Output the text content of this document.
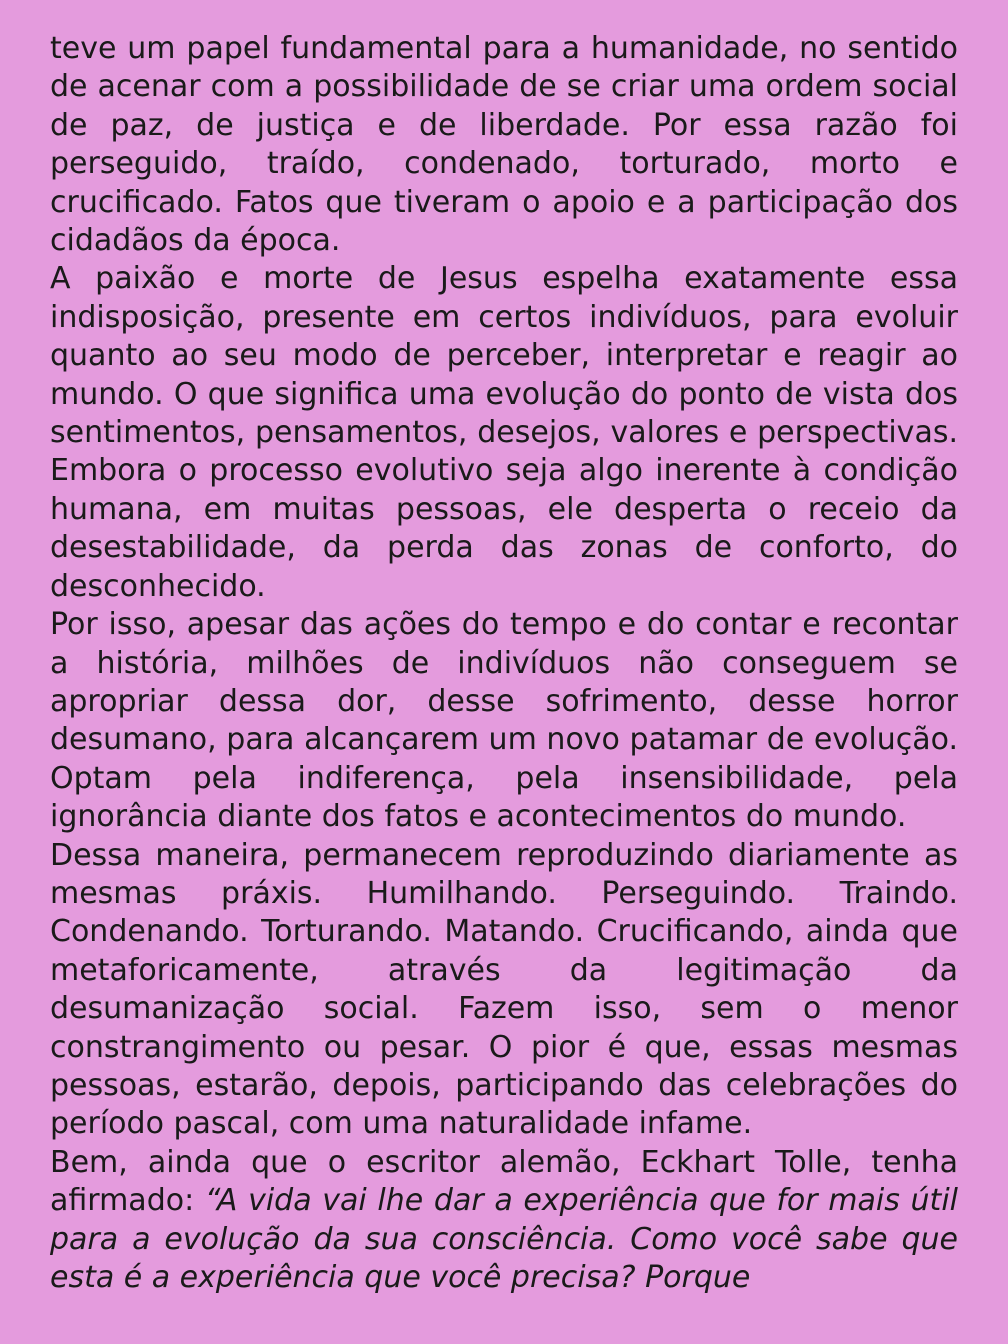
teve um papel fundamental para a humanidade, no sentido de acenar com a possibilidade de se criar uma ordem social de paz, de justiça e de liberdade. Por essa razão foi perseguido, traído, condenado, torturado, morto e crucificado. Fatos que tiveram o apoio e a participação dos cidadãos da época.

A paixão e morte de Jesus espelha exatamente essa indisposição, presente em certos indivíduos, para evoluir quanto ao seu modo de perceber, interpretar e reagir ao mundo. O que significa uma evolução do ponto de vista dos sentimentos, pensamentos, desejos, valores e perspectivas. Embora o processo evolutivo seja algo inerente à condição humana, em muitas pessoas, ele desperta o receio da desestabilidade, da perda das zonas de conforto, do desconhecido.

Por isso, apesar das ações do tempo e do contar e recontar a história, milhões de indivíduos não conseguem se apropriar dessa dor, desse sofrimento, desse horror desumano, para alcançarem um novo patamar de evolução. Optam pela indiferença, pela insensibilidade, pela ignorância diante dos fatos e acontecimentos do mundo.

Dessa maneira, permanecem reproduzindo diariamente as mesmas práxis. Humilhando. Perseguindo. Traindo. Condenando. Torturando. Matando. Crucificando, ainda que metaforicamente, através da legitimação da desumanização social. Fazem isso, sem o menor constrangimento ou pesar. O pior é que, essas mesmas pessoas, estarão, depois, participando das celebrações do período pascal, com uma naturalidade infame.

Bem, ainda que o escritor alemão, Eckhart Tolle, tenha afirmado: “A vida vai lhe dar a experiência que for mais útil para a evolução da sua consciência. Como você sabe que esta é a experiência que você precisa? Porque
